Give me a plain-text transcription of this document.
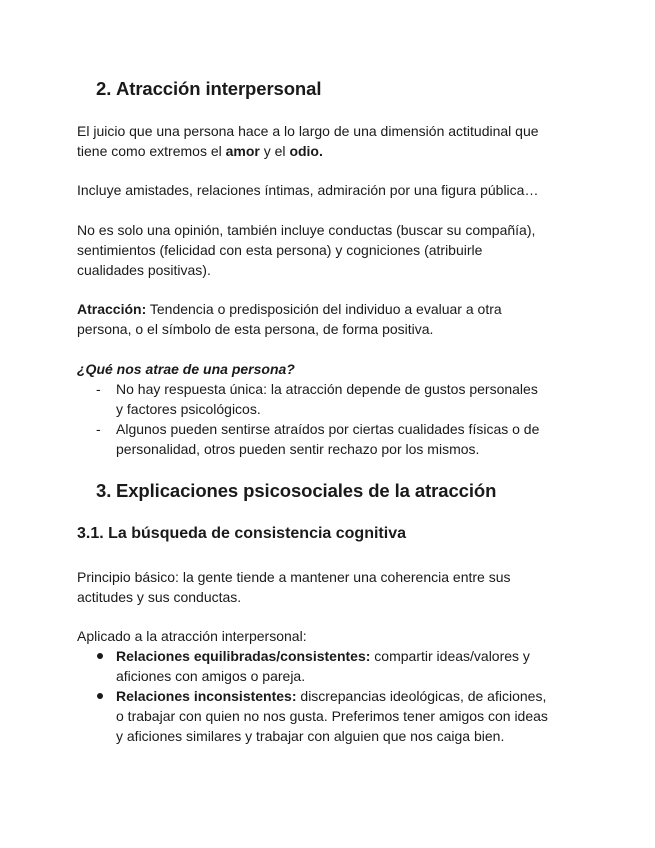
2. Atracción interpersonal
El juicio que una persona hace a lo largo de una dimensión actitudinal que
tiene como extremos el amor y el odio.
Incluye amistades, relaciones íntimas, admiración por una figura pública…
No es solo una opinión, también incluye conductas (buscar su compañía),
sentimientos (felicidad con esta persona) y cogniciones (atribuirle
cualidades positivas).
Atracción: Tendencia o predisposición del individuo a evaluar a otra
persona, o el símbolo de esta persona, de forma positiva.
¿Qué nos atrae de una persona?
-	No hay respuesta única: la atracción depende de gustos personales
y factores psicológicos.
-	Algunos pueden sentirse atraídos por ciertas cualidades físicas o de
personalidad, otros pueden sentir rechazo por los mismos.
3. Explicaciones psicosociales de la atracción
3.1. La búsqueda de consistencia cognitiva
Principio básico: la gente tiende a mantener una coherencia entre sus
actitudes y sus conductas.
Aplicado a la atracción interpersonal:
Relaciones equilibradas/consistentes: compartir ideas/valores y
aficiones con amigos o pareja.
Relaciones inconsistentes: discrepancias ideológicas, de aficiones,
o trabajar con quien no nos gusta. Preferimos tener amigos con ideas
y aficiones similares y trabajar con alguien que nos caiga bien.
